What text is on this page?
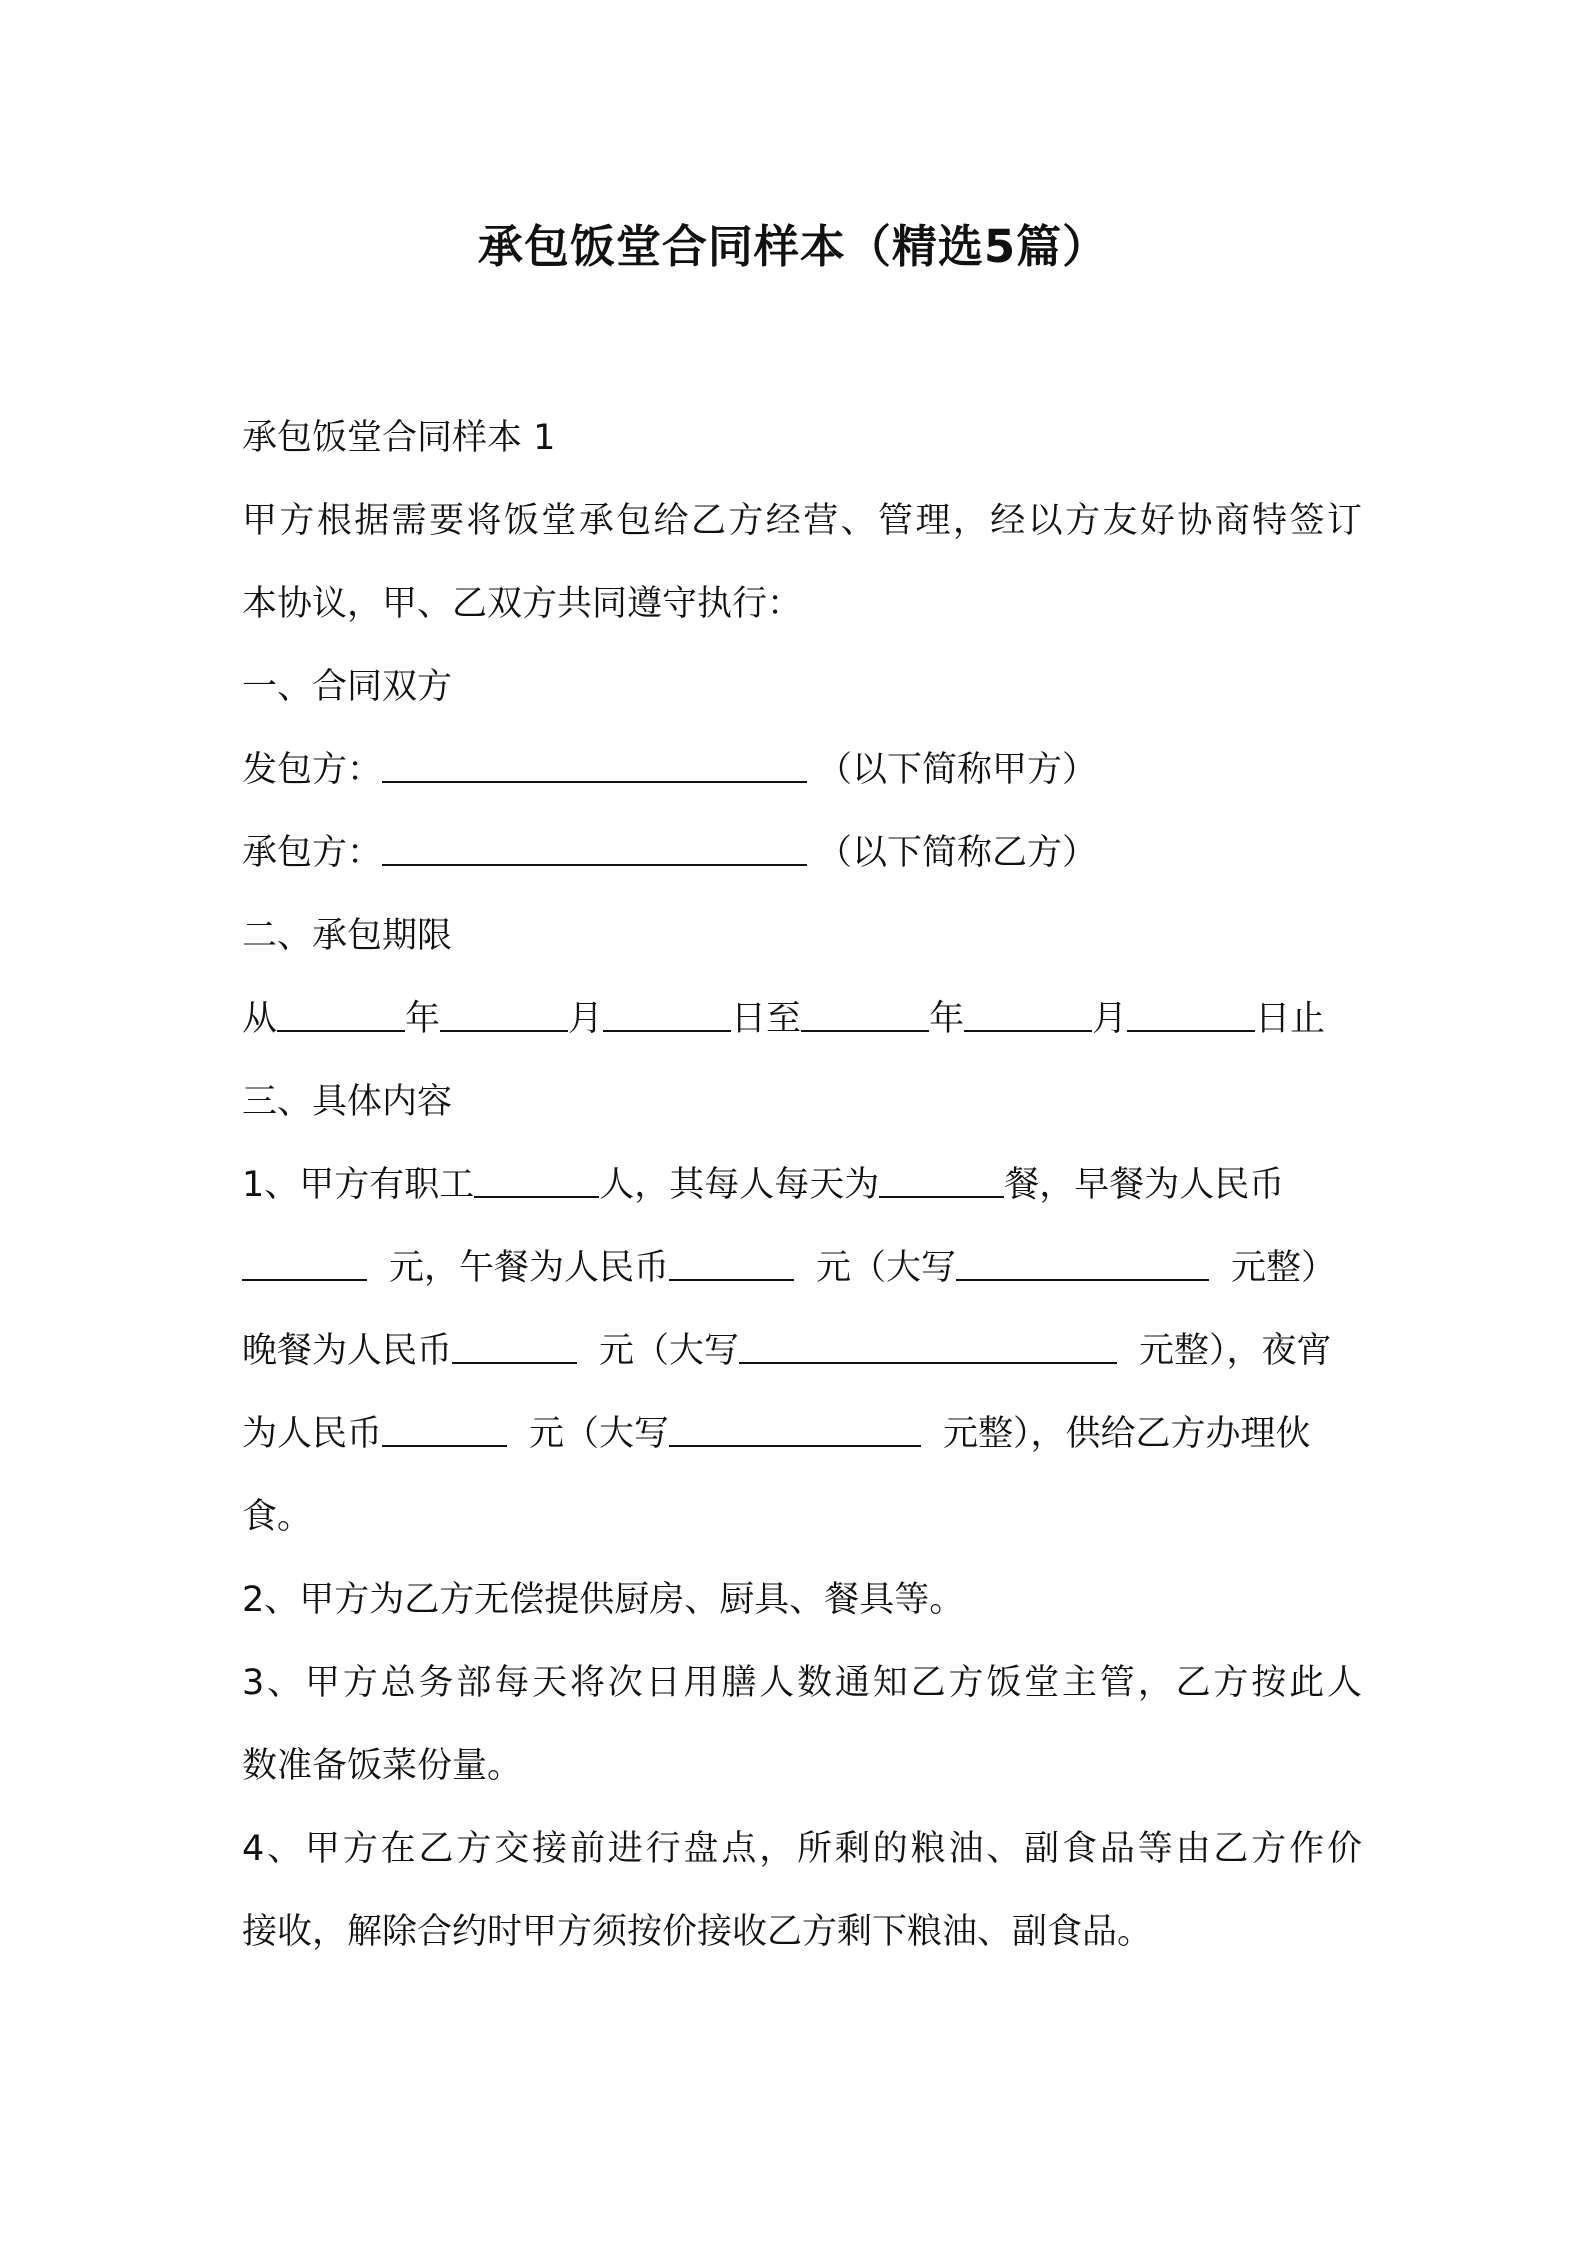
承包饭堂合同样本（精选5篇）
承包饭堂合同样本 1
甲方根据需要将饭堂承包给乙方经营、管理，经以方友好协商特签订
本协议，甲、乙双方共同遵守执行：
一、合同双方
发包方：	（以下简称甲方）
承包方：	（以下简称乙方）
二、承包期限
从	年	月	日至	年	月	日止
三、具体内容
1、甲方有职工	人，其每人每天为	餐，早餐为人民币
元，午餐为人民币	元（大写	元整）
晚餐为人民币	元（大写	元整），夜宵
为人民币	元（大写	元整），供给乙方办理伙
食。
2、甲方为乙方无偿提供厨房、厨具、餐具等。
3、甲方总务部每天将次日用膳人数通知乙方饭堂主管，乙方按此人
数准备饭菜份量。
4、甲方在乙方交接前进行盘点，所剩的粮油、副食品等由乙方作价
接收，解除合约时甲方须按价接收乙方剩下粮油、副食品。
